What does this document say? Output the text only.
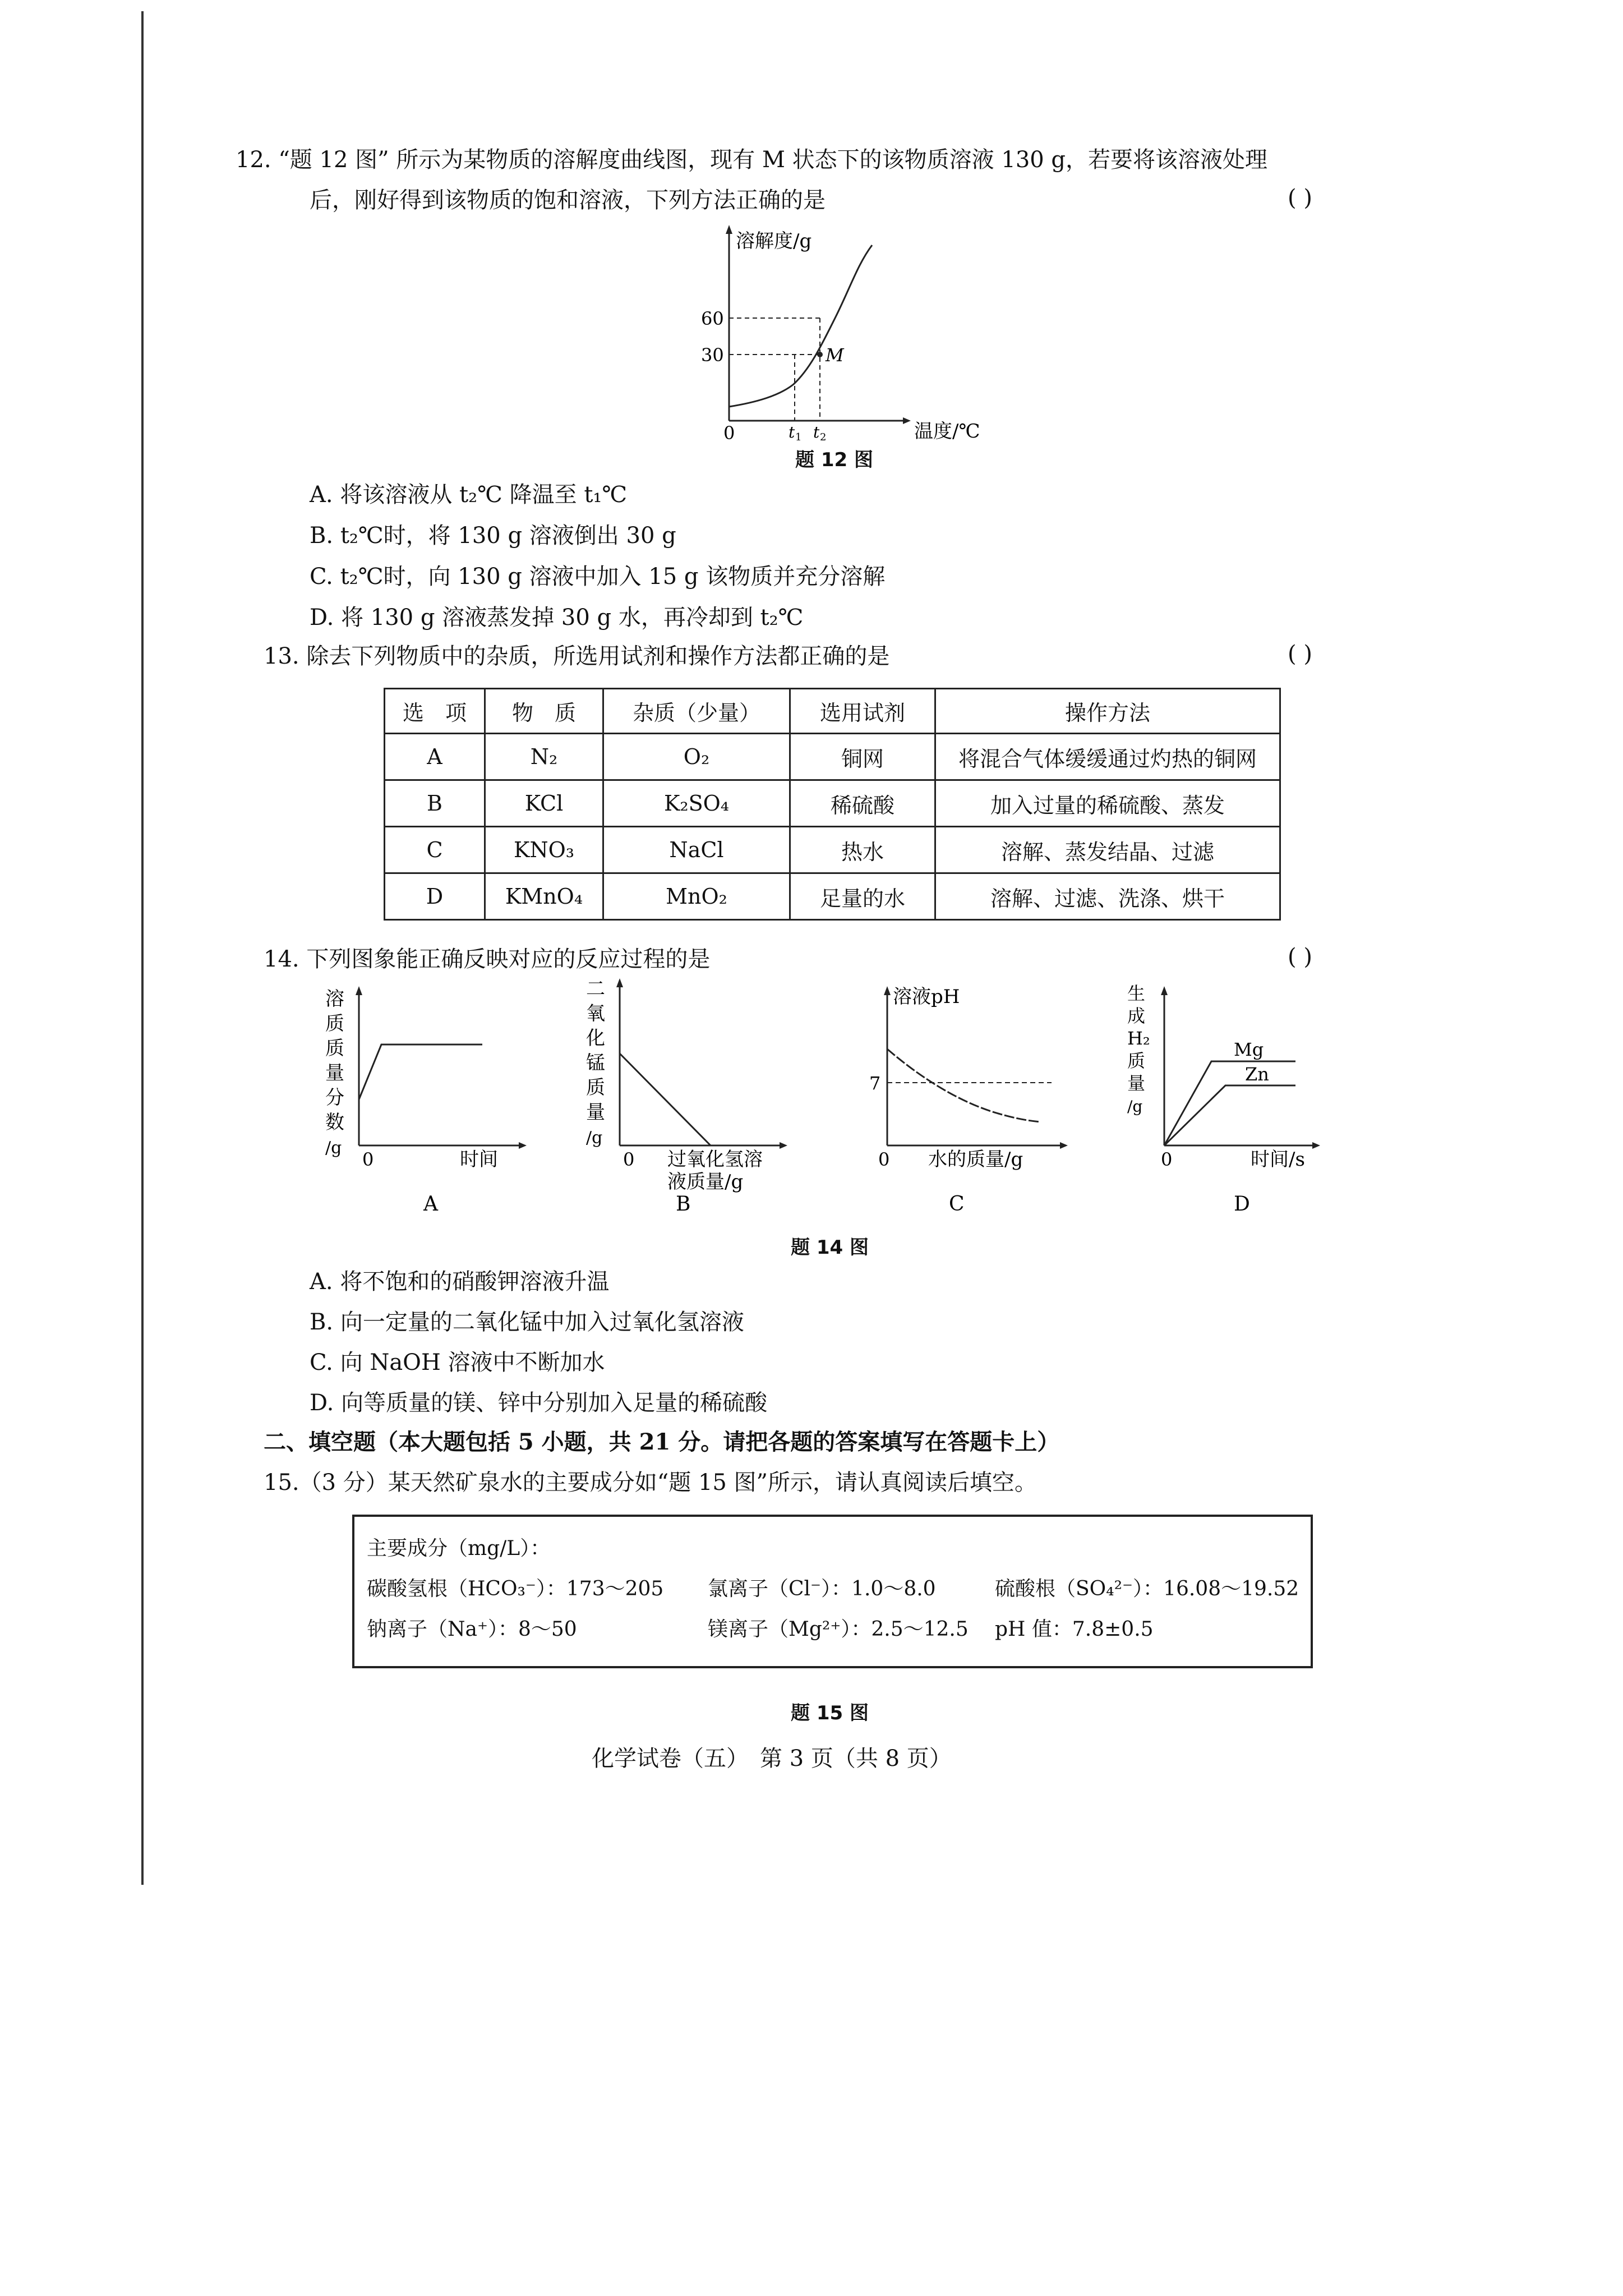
12. “题 12 图” 所示为某物质的溶解度曲线图，现有 M 状态下的该物质溶液 130 g，若要将该溶液处理
后，刚好得到该物质的饱和溶液，下列方法正确的是	( )
溶解度/g
60
30	M
0	t 1 t 2	温度/℃
题 12 图
A. 将该溶液从 t₂℃ 降温至 t₁℃
B. t₂℃时，将 130 g 溶液倒出 30 g
C. t₂℃时，向 130 g 溶液中加入 15 g 该物质并充分溶解
D. 将 130 g 溶液蒸发掉 30 g 水，再冷却到 t₂℃
13. 除去下列物质中的杂质，所选用试剂和操作方法都正确的是	( )
选　项	物　质	杂质（少量）	选用试剂	操作方法
A	N₂	O₂	铜网	将混合气体缓缓通过灼热的铜网
B	KCl	K₂SO₄	稀硫酸	加入过量的稀硫酸、蒸发
C	KNO₃	NaCl	热水	溶解、蒸发结晶、过滤
D	KMnO₄	MnO₂	足量的水	溶解、过滤、洗涤、烘干
14. 下列图象能正确反映对应的反应过程的是	( )
溶
质
质
量
分
数
/g
0	时间
A
二
氧
化
锰
质
量
/g
0 过氧化氢溶
液质量/g
B
溶液pH
7
0 水的质量/g
C
生
成
H₂
质
量
/g
Mg
Zn
0	时间/s
D
题 14 图
A. 将不饱和的硝酸钾溶液升温
B. 向一定量的二氧化锰中加入过氧化氢溶液
C. 向 NaOH 溶液中不断加水
D. 向等质量的镁、锌中分别加入足量的稀硫酸
二、填空题（本大题包括 5 小题，共 21 分。请把各题的答案填写在答题卡上）
15.（3 分）某天然矿泉水的主要成分如“题 15 图”所示，请认真阅读后填空。
主要成分（mg/L）：
碳酸氢根（HCO₃⁻）：173～205 氯离子（Cl⁻）：1.0～8.0	硫酸根（SO₄²⁻）：16.08～19.52
钠离子（Na⁺）：8～50	镁离子（Mg²⁺）：2.5～12.5 pH 值：7.8±0.5
题 15 图
化学试卷（五）　第 3 页（共 8 页）
